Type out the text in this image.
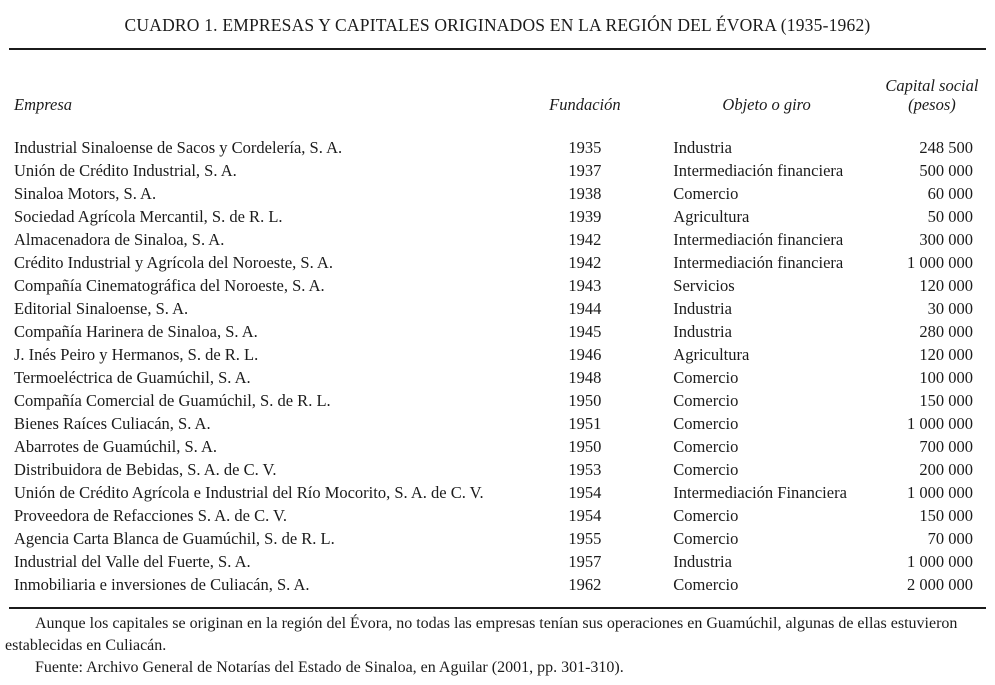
CUADRO 1. EMPRESAS Y CAPITALES ORIGINADOS EN LA REGIÓN DEL ÉVORA (1935-1962)
Empresa	Fundación	Objeto o giro	Capital social
(pesos)
Industrial Sinaloense de Sacos y Cordelería, S. A.	1935	Industria	248 500
Unión de Crédito Industrial, S. A.	1937	Intermediación financiera	500 000
Sinaloa Motors, S. A.	1938	Comercio	60 000
Sociedad Agrícola Mercantil, S. de R. L.	1939	Agricultura	50 000
Almacenadora de Sinaloa, S. A.	1942	Intermediación financiera	300 000
Crédito Industrial y Agrícola del Noroeste, S. A.	1942	Intermediación financiera	1 000 000
Compañía Cinematográfica del Noroeste, S. A.	1943	Servicios	120 000
Editorial Sinaloense, S. A.	1944	Industria	30 000
Compañía Harinera de Sinaloa, S. A.	1945	Industria	280 000
J. Inés Peiro y Hermanos, S. de R. L.	1946	Agricultura	120 000
Termoeléctrica de Guamúchil, S. A.	1948	Comercio	100 000
Compañía Comercial de Guamúchil, S. de R. L.	1950	Comercio	150 000
Bienes Raíces Culiacán, S. A.	1951	Comercio	1 000 000
Abarrotes de Guamúchil, S. A.	1950	Comercio	700 000
Distribuidora de Bebidas, S. A. de C. V.	1953	Comercio	200 000
Unión de Crédito Agrícola e Industrial del Río Mocorito, S. A. de C. V.	1954	Intermediación Financiera	1 000 000
Proveedora de Refacciones S. A. de C. V.	1954	Comercio	150 000
Agencia Carta Blanca de Guamúchil, S. de R. L.	1955	Comercio	70 000
Industrial del Valle del Fuerte, S. A.	1957	Industria	1 000 000
Inmobiliaria e inversiones de Culiacán, S. A.	1962	Comercio	2 000 000

Aunque los capitales se originan en la región del Évora, no todas las empresas tenían sus operaciones en Guamúchil, algunas de ellas estuvieron establecidas en Culiacán.

Fuente: Archivo General de Notarías del Estado de Sinaloa, en Aguilar (2001, pp. 301-310).
